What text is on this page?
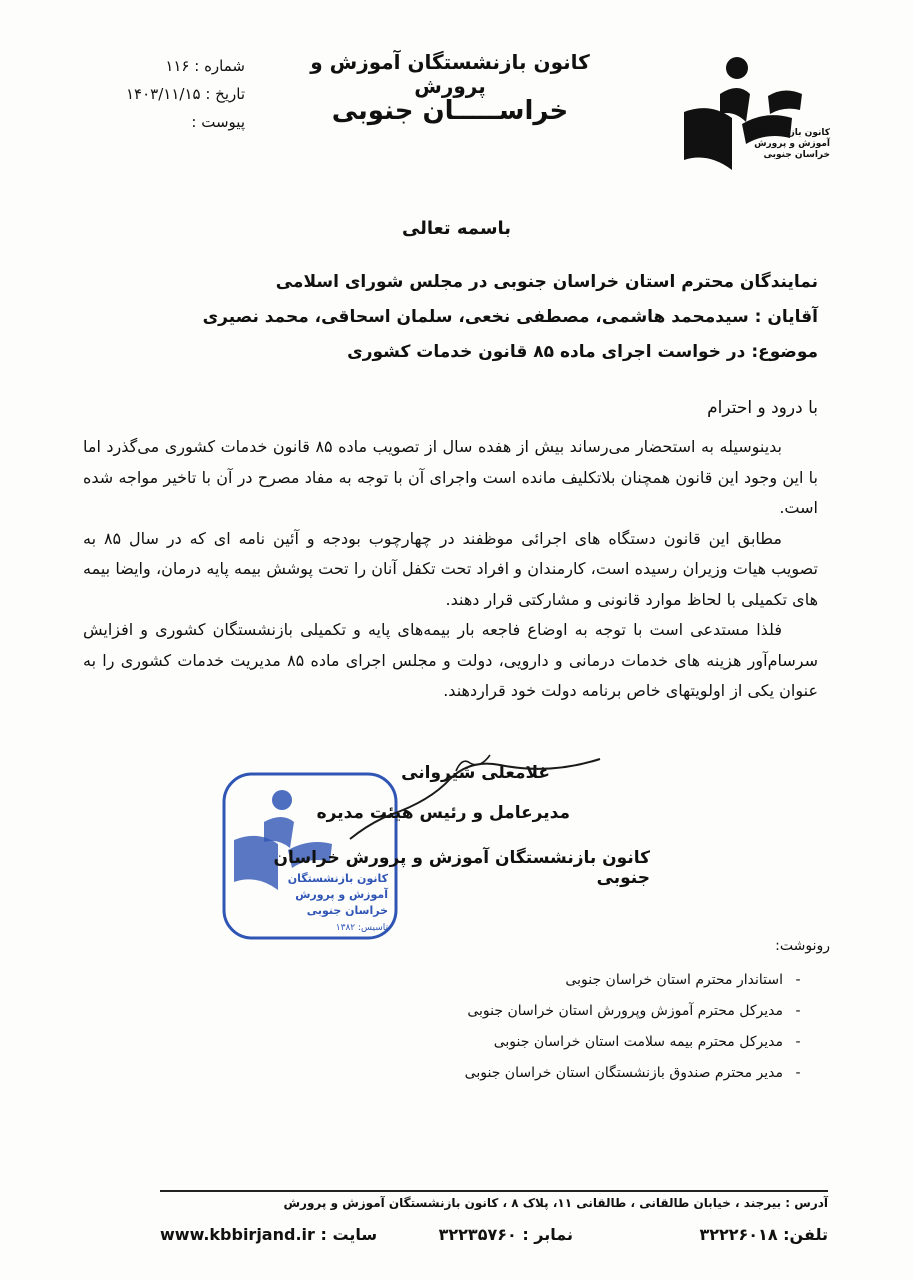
شماره : ۱۱۶
تاریخ : ۱۴۰۳/۱۱/۱۵
پیوست :
کانون بازنشستگان آموزش و پرورش
خراســـــان جنوبی
کانون بازنشستگان
آموزش و پرورش
خراسان جنوبی
باسمه تعالی
نمایندگان محترم استان خراسان جنوبی در مجلس شورای اسلامی
آقایان : سیدمحمد هاشمی، مصطفی نخعی، سلمان اسحاقی، محمد نصیری
موضوع: در خواست اجرای ماده ۸۵ قانون خدمات کشوری
با درود و احترام

بدینوسیله به استحضار می‌رساند بیش از هفده سال از تصویب ماده ۸۵ قانون خدمات کشوری می‌گذرد اما با این وجود این قانون همچنان بلاتکلیف مانده است واجرای آن با توجه به مفاد مصرح در آن با تاخیر مواجه شده است.

مطابق این قانون دستگاه های اجرائی موظفند در چهارچوب بودجه و آئین نامه ای که در سال ۸۵ به تصویب هیات وزیران رسیده است، کارمندان و افراد تحت تکفل آنان را تحت پوشش بیمه پایه درمان، وایضا بیمه های تکمیلی با لحاظ موارد قانونی و مشارکتی قرار دهند.

فلذا مستدعی است با توجه به اوضاع فاجعه بار بیمه‌های پایه و تکمیلی بازنشستگان کشوری و افزایش سرسام‌آور هزینه های خدمات درمانی و دارویی، دولت و مجلس اجرای ماده ۸۵ مدیریت خدمات کشوری را به عنوان یکی از اولویتهای خاص برنامه دولت خود قراردهند.

کانون بازنشستگان
آموزش و پرورش
خراسان جنوبی
تاسیس: ۱۳۸۲
غلامعلی شیروانی
مدیرعامل و رئیس هیئت مدیره
کانون بازنشستگان آموزش و پرورش خراسان جنوبی
رونوشت:
-استاندار محترم استان خراسان جنوبی
-مدیرکل محترم آموزش وپرورش استان خراسان جنوبی
-مدیرکل محترم بیمه سلامت استان خراسان جنوبی
-مدیر محترم صندوق بازنشستگان استان خراسان جنوبی
آدرس : بیرجند ، خیابان طالقانی ، طالقانی ۱۱، پلاک ۸ ، کانون بازنشستگان آموزش و پرورش
تلفن: ۳۲۲۲۶۰۱۸
نمابر : ۳۲۲۳۵۷۶۰
www.kbbirjand.ir سایت :
